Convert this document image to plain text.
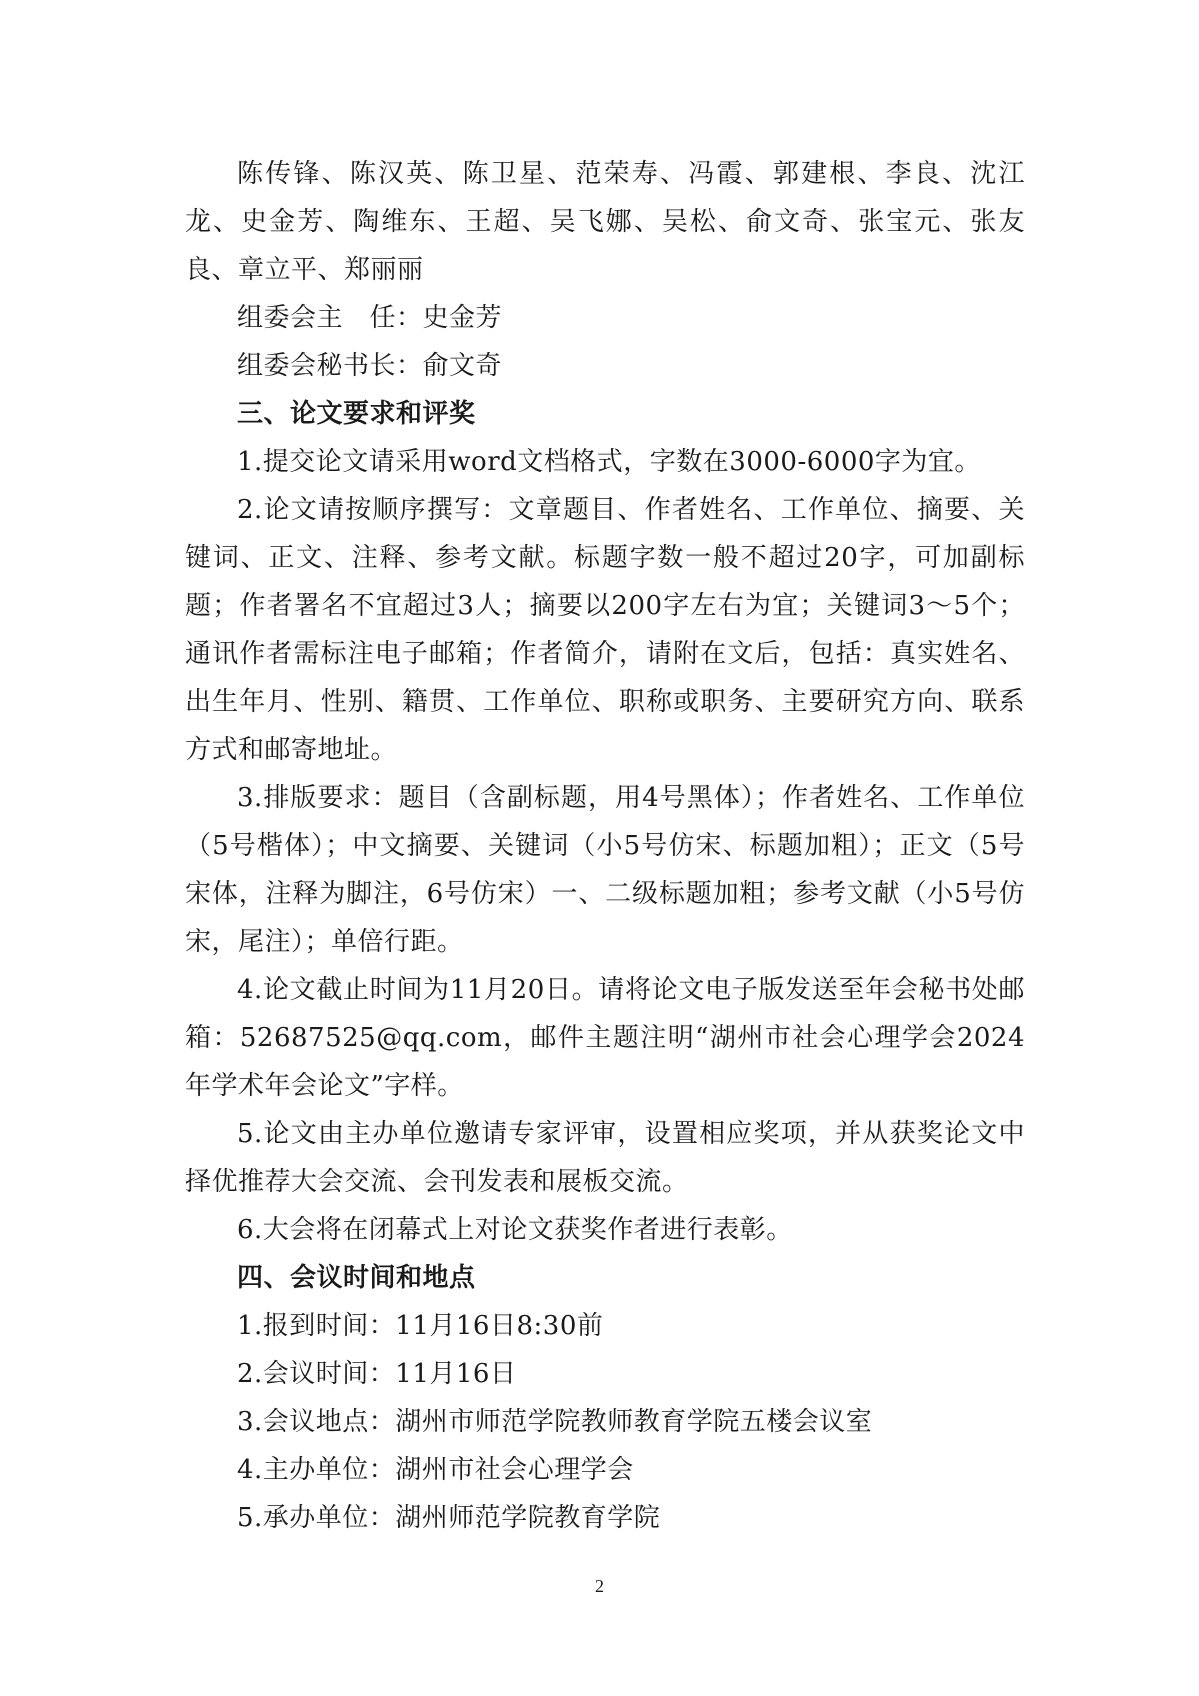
陈传锋、陈汉英、陈卫星、范荣寿、冯霞、郭建根、李良、沈江龙、史金芳、陶维东、王超、吴飞娜、吴松、俞文奇、张宝元、张友良、章立平、郑丽丽

组委会主　任：史金芳

组委会秘书长：俞文奇

三、论文要求和评奖

1.提交论文请采用word文档格式，字数在3000-6000字为宜。

2.论文请按顺序撰写：文章题目、作者姓名、工作单位、摘要、关键词、正文、注释、参考文献。标题字数一般不超过20字，可加副标题；作者署名不宜超过3人；摘要以200字左右为宜；关键词3～5个；通讯作者需标注电子邮箱；作者简介，请附在文后，包括：真实姓名、出生年月、性别、籍贯、工作单位、职称或职务、主要研究方向、联系方式和邮寄地址。

3.排版要求：题目（含副标题，用4号黑体）；作者姓名、工作单位（5号楷体）；中文摘要、关键词（小5号仿宋、标题加粗）；正文（5号宋体，注释为脚注，6号仿宋）一、二级标题加粗；参考文献（小5号仿宋，尾注）；单倍行距。

4.论文截止时间为11月20日。请将论文电子版发送至年会秘书处邮箱：52687525@qq.com，邮件主题注明“湖州市社会心理学会2024年学术年会论文”字样。

5.论文由主办单位邀请专家评审，设置相应奖项，并从获奖论文中择优推荐大会交流、会刊发表和展板交流。

6.大会将在闭幕式上对论文获奖作者进行表彰。

四、会议时间和地点

1.报到时间：11月16日8:30前

2.会议时间：11月16日

3.会议地点：湖州市师范学院教师教育学院五楼会议室

4.主办单位：湖州市社会心理学会

5.承办单位：湖州师范学院教育学院

2
